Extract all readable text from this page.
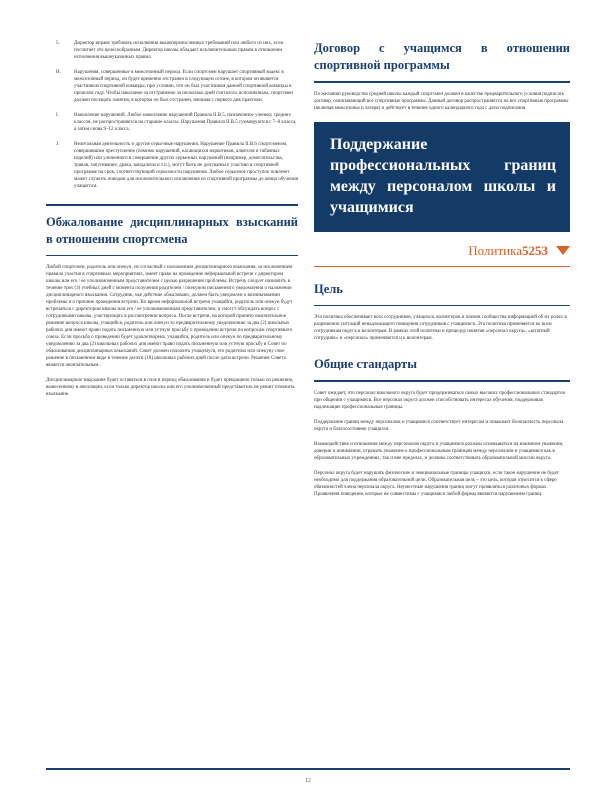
5.	Директор вправе требовать исполнения вышеперечисленных требований или любого из них, если посчитает это целесообразным. Директор школы обладает исключительным правом в отношении исполнения вышеуказанных правил.
H.	Нарушения, совершенные в межсезонный период. Если спортсмен нарушает спортивный кодекс в межсезонный период, он будет временно отстранен в следующем сезоне, в котором он является участником спортивной команды, при условии, что он был участником данной спортивной команды в прошлом году. Чтобы наказание за отстранение за несколько дней считалось исполненным, спортсмен должен посещать занятия, в котором он был отстранен, начиная с первого дня практики.
I.	Накопление нарушений. Любое накопление нарушений Правила II.B.5, назначенное ученику средних классов, не распространяется на старшие классы. Нарушения Правила II.B.5 суммируются с 7–8 класса, а затем снова 9–12 класса.
J.	Нелегальная деятельность и другие серьезные нарушения. Нарушение Правила II.B.6 спортсменом, совершившим преступление (помимо нарушений, касающихся наркотиков, алкоголя и табачных изделий) или уличенного в совершении других серьезных нарушений (например, домогательства, травля, запугивание, драка, вандализм и т.п.), могут быть не допущены к участию в спортивной программе на срок, соответствующий серьезности нарушения. Любое серьезное проступок повлечет может служить поводом для исключительного исключения из спортивной программы до конца обучения учащегося.
Обжалование дисциплинарных взысканий в отношении спортсмена

Любой спортсмен, родитель или опекун, не согласный с наложением дисциплинарного взыскания, за исключением правила участия в спортивных мероприятиях, имеет право на проведение неформальной встречи с директором школы или его / ее уполномоченным представителем с целью разрешения проблемы. Встречу следует назначить в течение трех (3) учебных дней с момента получения родителем / опекуном письменного уведомления о наложении дисциплинарного взыскания. Сотрудник, чье действие обжаловано, должен быть уведомлен о возникновении проблемы и о причине проведения встречи. Во время неформальной встречи учащийся, родитель или опекун будут встречаться с директором школы или его / ее уполномоченным представителем, и смогут обсуждать вопрос с сотрудниками школы, участвующих в рассмотрении вопроса. После встречи, на которой принято окончательное решение вопроса школы, учащийся, родитель или опекун то предварительному уведомлению за два (2) школьных рабочих дня имеют право подать письменную или устную просьбу о проведении встречи по вопросам спортивного союза. Если просьба о проведении будет удовлетворена, учащийся, родитель или опекун по предварительному уведомлению за два (2) школьных рабочих дня имеют право подать письменную или устную просьбу в Совет по обжалованию дисциплинарных взысканий. Совет должен изложить учащемуся, его родителю или опекуну свое решение в письменном виде в течение десяти (10) школьных рабочих дней после даты встречи. Решение Совета является окончательным.

Дисциплинарное взыскание будет оставаться в силе в период обжалования и будет прекращено только по решению, вынесенному в апелляции, если только директор школы или его уполномоченный представитель не решит отменить взыскание.

Договор с учащимся в отношении спортивной программы

По желанию руководства средней школы каждый спортсмен должен в качестве предварительного условия подписать договор, охватывающий все спортивные программы. Данный договор распространяется на все спортивные программы (включая межсезонье и лагеря) и действует в течение одного календарного года с даты подписания.

Поддержание профессиональных границ между персоналом школы и учащимися
Политика 5253
Цель

Эта политика обеспечивает всех сотрудников, учащихся, волонтеров и членов сообщества информацией об их ролях в разрешении ситуаций ненадлежащего поведения сотрудников с учащимися. Эта политика применяется ко всем сотрудникам округа и волонтерам. В рамках этой политики и процедур понятия «персонал округа», «штатный сотрудник» и «персонал» применяются и к волонтерам.

Общие стандарты

Совет ожидает, что персонал школьного округа будет придерживаться самых высоких профессиональных стандартов при общении с учащимися. Все персонал округа должен способствовать интересах обучения, поддерживая надлежащие профессиональные границы.

Поддержание границ между персоналом и учащимися соответствует интересам и повышает безопасность персонала округа и благосостояние учащихся.

Взаимодействие и отношения между персоналом округа и учащимися должны основываться на взаимном уважении, доверии и понимании, отражать уважение к профессиональным границам между персоналом и учащимися как в образовательных учреждениях, так и вне пределах, и должны соответствовать образовательной миссии округа.

Персонал округа будет нарушать физические и эмоциональные границы учащихся, если такое нарушение не будет необходимо для поддержания образовательной цели. Образовательная цель – это цель, которая относится к сфере обязанностей члена персонала округа. Неуместные нарушения границ могут проявляться различных формах. Проявления поведения, которые не совместимы с учащимися любой формы являются нарушением границ.

12
